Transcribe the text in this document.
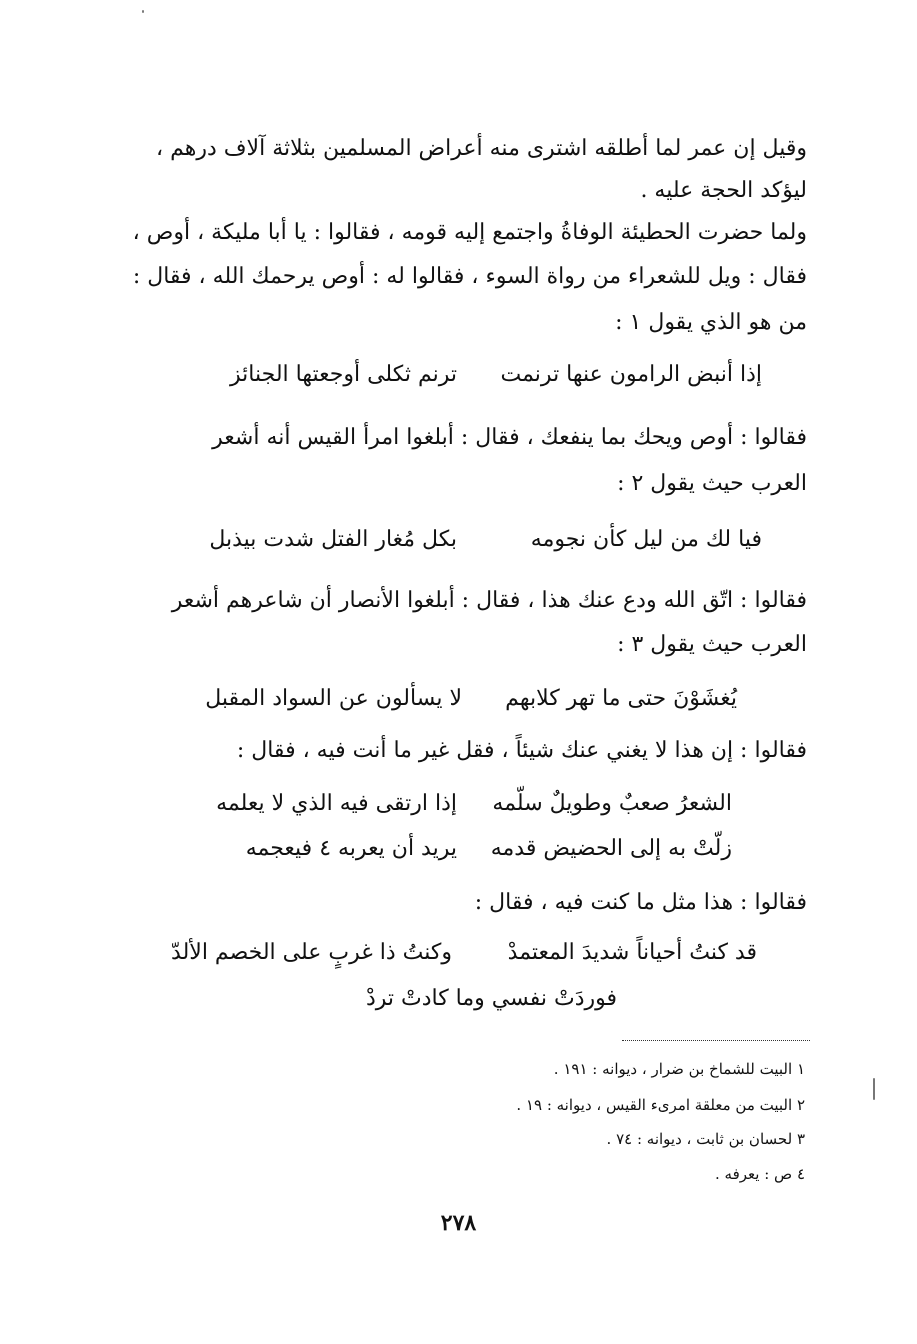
وقيل إن عمر لما أطلقه اشترى منه أعراض المسلمين بثلاثة آلاف درهم ،
ليؤكد الحجة عليه .
ولما حضرت الحطيئة الوفاةُ واجتمع إليه قومه ، فقالوا : يا أبا مليكة ، أوص ،
فقال : ويل للشعراء من رواة السوء ، فقالوا له : أوص يرحمك الله ، فقال :
من هو الذي يقول ١ :
إذا أنبض الرامون عنها ترنمت
ترنم ثكلى أوجعتها الجنائز
فقالوا : أوص ويحك بما ينفعك ، فقال : أبلغوا امرأ القيس أنه أشعر
العرب حيث يقول ٢ :
فيا لك من ليل كأن نجومه
بكل مُغار الفتل شدت بيذبل
فقالوا : اتّق الله ودع عنك هذا ، فقال : أبلغوا الأنصار أن شاعرهم أشعر
العرب حيث يقول ٣ :
يُغشَوْنَ حتى ما تهر كلابهم
لا يسألون عن السواد المقبل
فقالوا : إن هذا لا يغني عنك شيئاً ، فقل غير ما أنت فيه ، فقال :
الشعرُ صعبٌ وطويلٌ سلّمه
إذا ارتقى فيه الذي لا يعلمه
زلّتْ به إلى الحضيض قدمه
يريد أن يعربه ٤ فيعجمه
فقالوا : هذا مثل ما كنت فيه ، فقال :
قد كنتُ أحياناً شديدَ المعتمدْ
وكنتُ ذا غربٍ على الخصم الألدّ
فوردَتْ نفسي وما كادتْ تردْ
١ البيت للشماخ بن ضرار ، ديوانه : ١٩١ .
٢ البيت من معلقة امرىء القيس ، ديوانه : ١٩ .
٣ لحسان بن ثابت ، ديوانه : ٧٤ .
٤ ص : يعرفه .
٢٧٨
